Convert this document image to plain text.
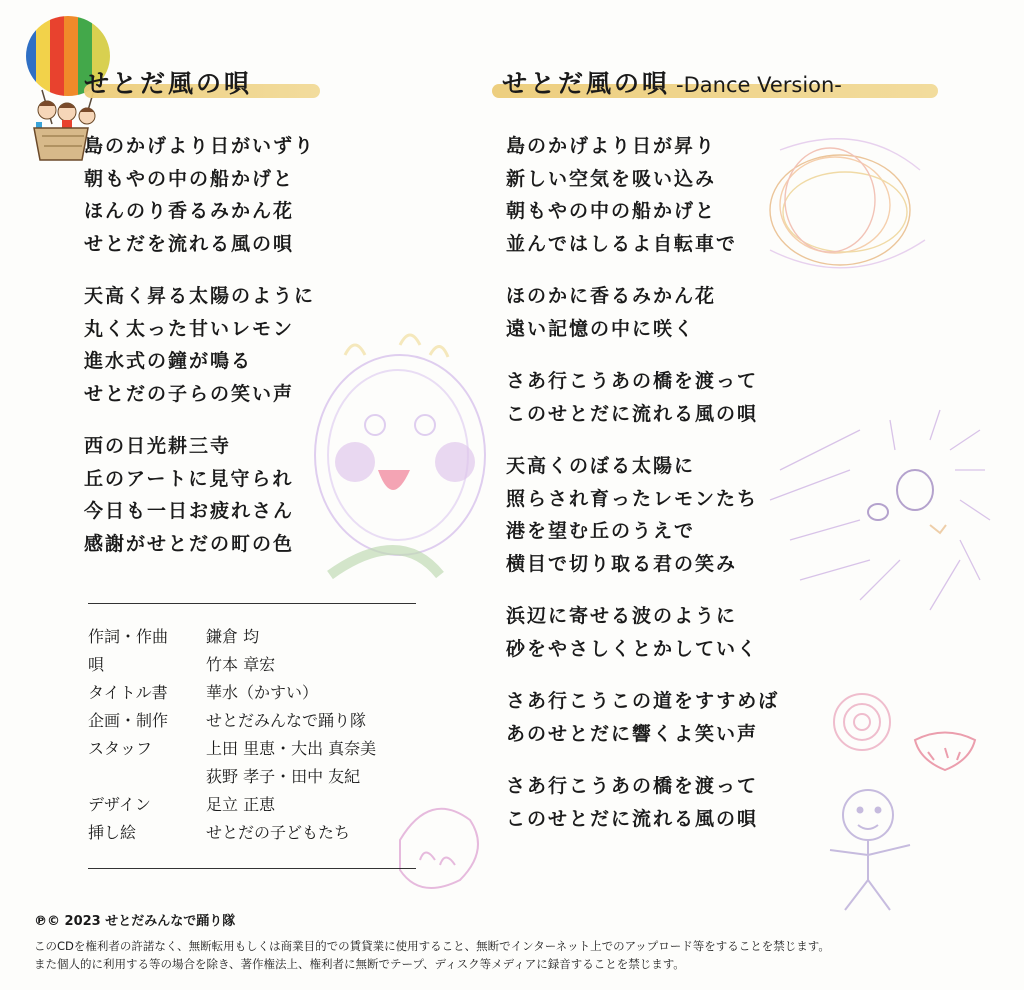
せとだ風の唄	せとだ風の唄 -Dance Version-
島のかげより日がいずり
朝もやの中の船かげと
ほんのり香るみかん花
せとだを流れる風の唄
天高く昇る太陽のように
丸く太った甘いレモン
進水式の鐘が鳴る
せとだの子らの笑い声
西の日光耕三寺
丘のアートに見守られ
今日も一日お疲れさん
感謝がせとだの町の色
島のかげより日が昇り
新しい空気を吸い込み
朝もやの中の船かげと
並んではしるよ自転車で
ほのかに香るみかん花
遠い記憶の中に咲く
さあ行こうあの橋を渡って
このせとだに流れる風の唄
天高くのぼる太陽に
照らされ育ったレモンたち
港を望む丘のうえで
横目で切り取る君の笑み
浜辺に寄せる波のように
砂をやさしくとかしていく
さあ行こうこの道をすすめば
あのせとだに響くよ笑い声
さあ行こうあの橋を渡って
このせとだに流れる風の唄
作詞・作曲	鎌倉 均
唄	竹本 章宏
タイトル書	華水（かすい）
企画・制作	せとだみんなで踊り隊
スタッフ	上田 里恵・大出 真奈美
荻野 孝子・田中 友紀
デザイン	足立 正恵
挿し絵	せとだの子どもたち
℗© 2023 せとだみんなで踊り隊
このCDを権利者の許諾なく、無断転用もしくは商業目的での賃貸業に使用すること、無断でインターネット上でのアップロード等をすることを禁じます。
また個人的に利用する等の場合を除き、著作権法上、権利者に無断でテープ、ディスク等メディアに録音することを禁じます。
